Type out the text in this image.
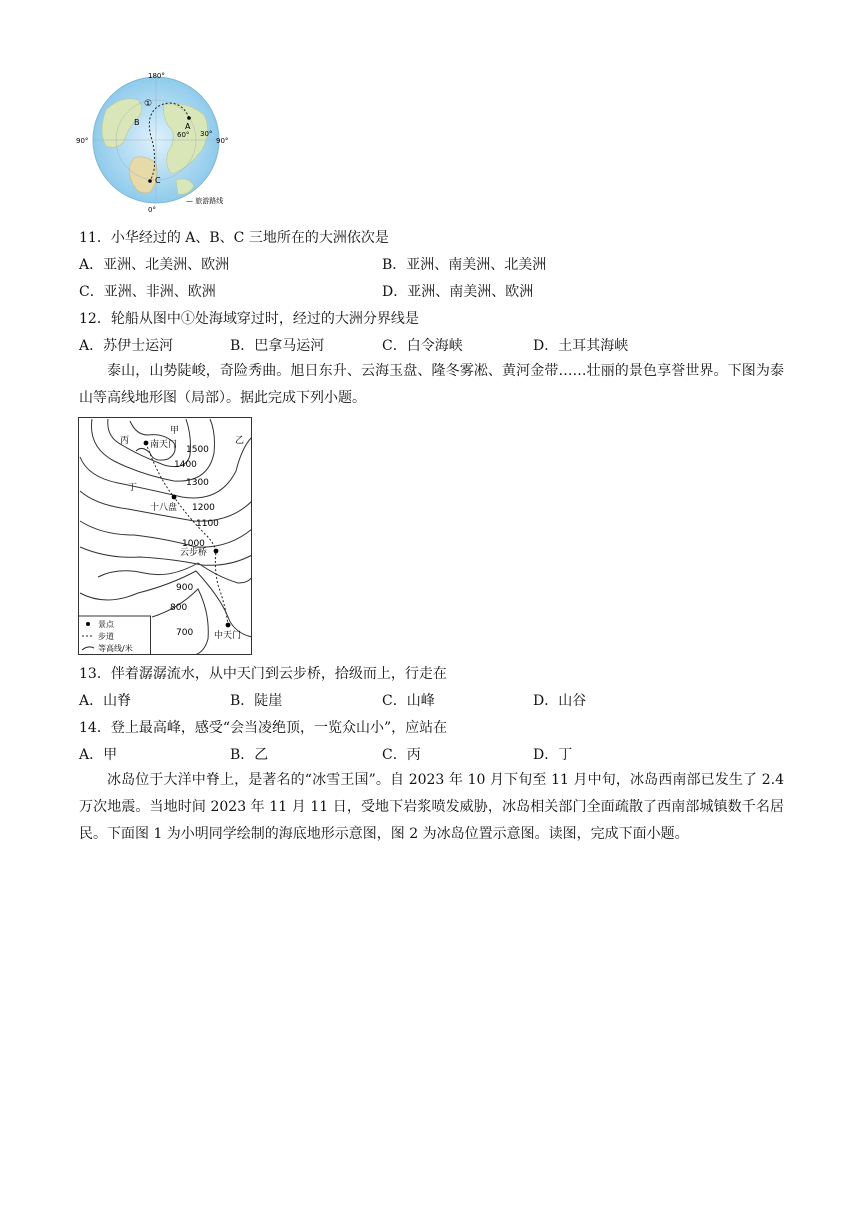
180°
90°	90°
0°
60° 30°
①
A
B
C
— 旅游路线
11．小华经过的 A、B、C 三地所在的大洲依次是
A．亚洲、北美洲、欧洲	B．亚洲、南美洲、北美洲
C．亚洲、非洲、欧洲	D．亚洲、南美洲、欧洲
12．轮船从图中①处海域穿过时，经过的大洲分界线是
A．苏伊士运河	B．巴拿马运河	C．白令海峡	D．土耳其海峡
泰山，山势陡峻，奇险秀曲。旭日东升、云海玉盘、隆冬雾凇、黄河金带……壮丽的景色享誉世界。下图为泰山等高线地形图（局部）。据此完成下列小题。
丙
甲
乙
丁
南天门
十八盘
云步桥
中天门
1500
1400
1300
1200
1100
1000
900
800
700
景点
步道
等高线/米
13．伴着潺潺流水，从中天门到云步桥，拾级而上，行走在
A．山脊	B．陡崖	C．山峰	D．山谷
14．登上最高峰，感受“会当凌绝顶，一览众山小”，应站在
A．甲	B．乙	C．丙	D．丁
冰岛位于大洋中脊上，是著名的“冰雪王国”。自 2023 年 10 月下旬至 11 月中旬，冰岛西南部已发生了 2.4 万次地震。当地时间 2023 年 11 月 11 日，受地下岩浆喷发威胁，冰岛相关部门全面疏散了西南部城镇数千名居民。下面图 1 为小明同学绘制的海底地形示意图，图 2 为冰岛位置示意图。读图，完成下面小题。
